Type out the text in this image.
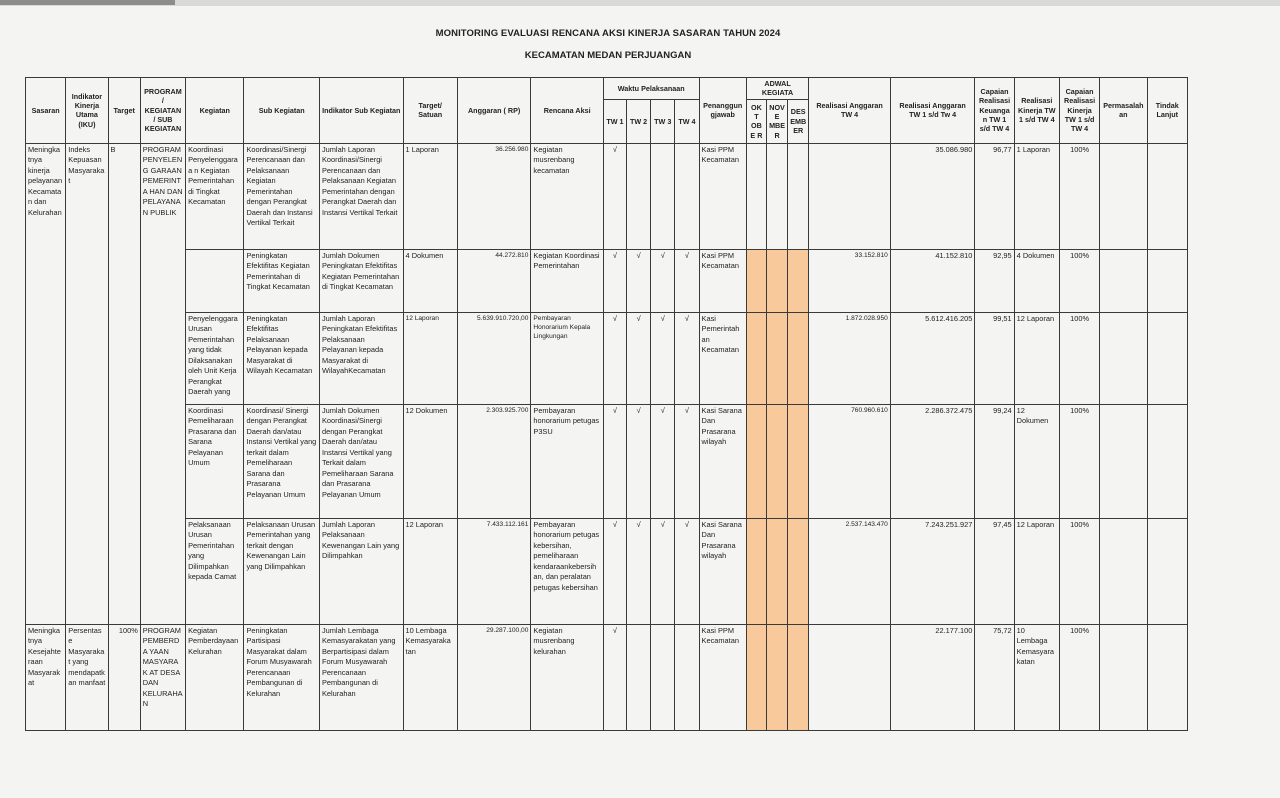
MONITORING EVALUASI RENCANA AKSI KINERJA SASARAN TAHUN 2024
KECAMATAN MEDAN PERJUANGAN
Sasaran	Indikator Kinerja Utama (IKU)	Target	PROGRAM / KEGIATAN / SUB KEGIATAN	Kegiatan	Sub Kegiatan	Indikator Sub Kegiatan	Target/ Satuan	Anggaran ( RP)	Rencana Aksi	Waktu Pelaksanaan				Penanggun gjawab	ADWAL KEGIATA			Realisasi Anggaran TW 4	Realisasi Anggaran TW 1 s/d Tw 4	Capaian Realisasi Keuangan TW 1 s/d TW 4	Realisasi Kinerja TW 1 s/d TW 4	Capaian Realisasi Kinerja TW 1 s/d TW 4	Permasalah an	Tindak Lanjut
										TW 1	TW 2	TW 3	TW 4		OKT OBE R	NOVE MBE R	DES EMB ER							
Meningka tnya kinerja pelayanan Kecamata n dan Kelurahan	Indeks Kepuasan Masyaraka t	B	PROGRAM PENYELENG GARAAN PEMERINTA HAN DAN PELAYANAN PUBLIK	Koordinasi Penyelenggaraa n Kegiatan Pemerintahan di Tingkat Kecamatan	Koordinasi/Sinergi Perencanaan dan Pelaksanaan Kegiatan Pemerintahan dengan Perangkat Daerah dan Instansi Vertikal Terkait	Jumlah Laporan Koordinasi/Sinergi Perencanaan dan Pelaksanaan Kegiatan Pemerintahan dengan Perangkat Daerah dan Instansi Vertikal Terkait	1 Laporan	36.256.980	Kegiatan musrenbang kecamatan	√				Kasi PPM Kecamatan					35.086.980	96,77	1 Laporan	100%		
					Peningkatan Efektifitas Kegiatan Pemerintahan di Tingkat Kecamatan	Jumlah Dokumen Peningkatan Efektifitas Kegiatan Pemerintahan di Tingkat Kecamatan	4 Dokumen	44.272.810	Kegiatan Koordinasi Pemerintahan	√	√	√	√	Kasi PPM Kecamatan				33.152.810	41.152.810	92,95	4 Dokumen	100%		
				Penyelenggara Urusan Pemerintahan yang tidak Dilaksanakan oleh Unit Kerja Perangkat Daerah yang	Peningkatan Efektifitas Pelaksanaan Pelayanan kepada Masyarakat di Wilayah Kecamatan	Jumlah Laporan Peningkatan Efektifitas Pelaksanaan Pelayanan kepada Masyarakat di WilayahKecamatan	12 Laporan	5.639.910.720,00	Pembayaran Honorarium Kepala Lingkungan	√	√	√	√	Kasi Pemerintah an Kecamatan				1.872.028.950	5.612.416.205	99,51	12 Laporan	100%		
				Koordinasi Pemeliharaan Prasarana dan Sarana Pelayanan Umum	Koordinasi/ Sinergi dengan Perangkat Daerah dan/atau Instansi Vertikal yang terkait dalam Pemeliharaan Sarana dan Prasarana Pelayanan Umum	Jumlah Dokumen Koordinasi/Sinergi dengan Perangkat Daerah dan/atau Instansi Vertikal yang Terkait dalam Pemeliharaan Sarana dan Prasarana Pelayanan Umum	12 Dokumen	2.303.925.700	Pembayaran honorarium petugas P3SU	√	√	√	√	Kasi Sarana Dan Prasarana wilayah				760.960.610	2.286.372.475	99,24	12 Dokumen	100%		
				Pelaksanaan Urusan Pemerintahan yang Dilimpahkan kepada Camat	Pelaksanaan Urusan Pemerintahan yang terkait dengan Kewenangan Lain yang Dilimpahkan	Jumlah Laporan Pelaksanaan Kewenangan Lain yang Dilimpahkan	12 Laporan	7.433.112.161	Pembayaran honorarium petugas kebersihan, pemeliharaan kendaraankebersih an, dan peralatan petugas kebersihan	√	√	√	√	Kasi Sarana Dan Prasarana wilayah				2.537.143.470	7.243.251.927	97,45	12 Laporan	100%		
Meningka tnya Kesejahte raan Masyarak at	Persentase Masyaraka t yang mendapatk an manfaat	100%	PROGRAM PEMBERDA YAAN MASYARAK AT DESA DAN KELURAHA N	Kegiatan Pemberdayaan Kelurahan	Peningkatan Partisipasi Masyarakat dalam Forum Musyawarah Perencanaan Pembangunan di Kelurahan	Jumlah Lembaga Kemasyarakatan yang Berpartisipasi dalam Forum Musyawarah Perencanaan Pembangunan di Kelurahan	10 Lembaga Kemasyaraka tan	29.287.100,00	Kegiatan musrenbang kelurahan	√				Kasi PPM Kecamatan					22.177.100	75,72	10 Lembaga Kemasyara katan	100%		
